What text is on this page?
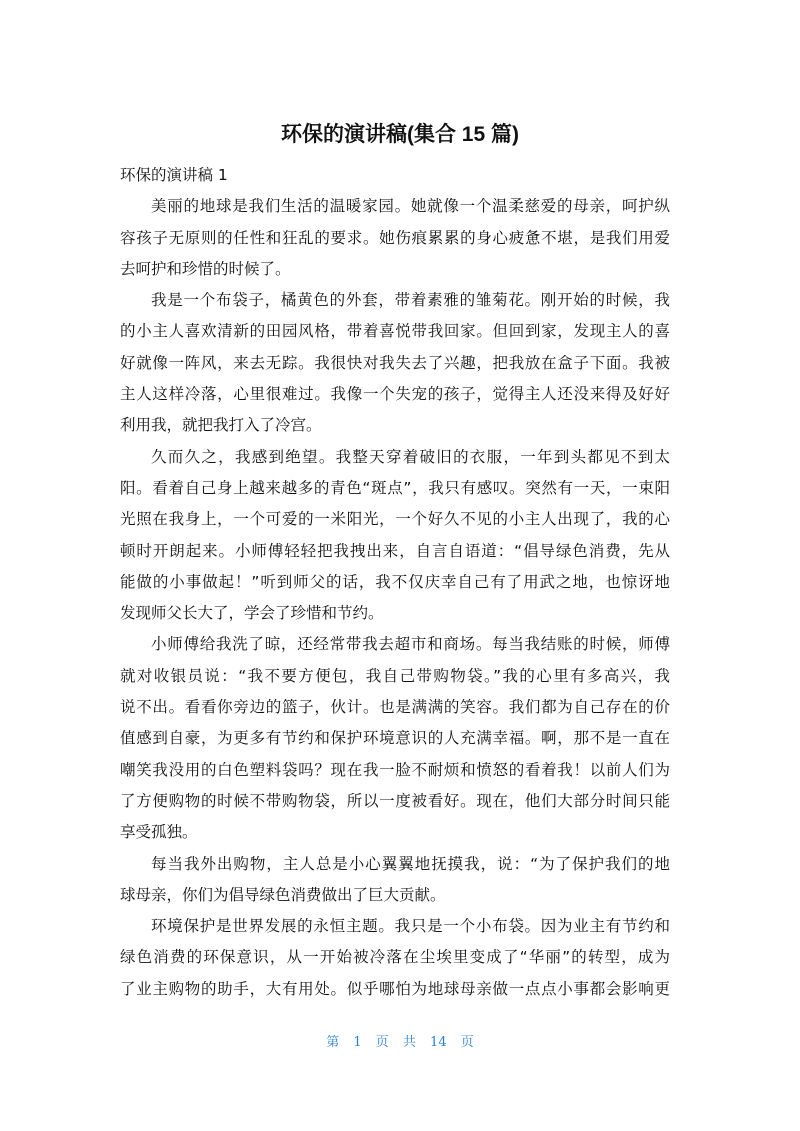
环保的演讲稿(集合 15 篇)
环保的演讲稿 1
美丽的地球是我们生活的温暖家园。她就像一个温柔慈爱的母亲，呵护纵
容孩子无原则的任性和狂乱的要求。她伤痕累累的身心疲惫不堪，是我们用爱
去呵护和珍惜的时候了。
我是一个布袋子，橘黄色的外套，带着素雅的雏菊花。刚开始的时候，我
的小主人喜欢清新的田园风格，带着喜悦带我回家。但回到家，发现主人的喜
好就像一阵风，来去无踪。我很快对我失去了兴趣，把我放在盒子下面。我被
主人这样冷落，心里很难过。我像一个失宠的孩子，觉得主人还没来得及好好
利用我，就把我打入了冷宫。
久而久之，我感到绝望。我整天穿着破旧的衣服，一年到头都见不到太
阳。看着自己身上越来越多的青色“斑点”，我只有感叹。突然有一天，一束阳
光照在我身上，一个可爱的一米阳光，一个好久不见的小主人出现了，我的心
顿时开朗起来。小师傅轻轻把我拽出来，自言自语道：“倡导绿色消费，先从
能做的小事做起！”听到师父的话，我不仅庆幸自己有了用武之地，也惊讶地
发现师父长大了，学会了珍惜和节约。
小师傅给我洗了晾，还经常带我去超市和商场。每当我结账的时候，师傅
就对收银员说：“我不要方便包，我自己带购物袋。”我的心里有多高兴，我
说不出。看看你旁边的篮子，伙计。也是满满的笑容。我们都为自己存在的价
值感到自豪，为更多有节约和保护环境意识的人充满幸福。啊，那不是一直在
嘲笑我没用的白色塑料袋吗？现在我一脸不耐烦和愤怒的看着我！以前人们为
了方便购物的时候不带购物袋，所以一度被看好。现在，他们大部分时间只能
享受孤独。
每当我外出购物，主人总是小心翼翼地抚摸我，说：“为了保护我们的地
球母亲，你们为倡导绿色消费做出了巨大贡献。
环境保护是世界发展的永恒主题。我只是一个小布袋。因为业主有节约和
绿色消费的环保意识，从一开始被冷落在尘埃里变成了“华丽”的转型，成为
了业主购物的助手，大有用处。似乎哪怕为地球母亲做一点点小事都会影响更
第 1 页 共 14 页
